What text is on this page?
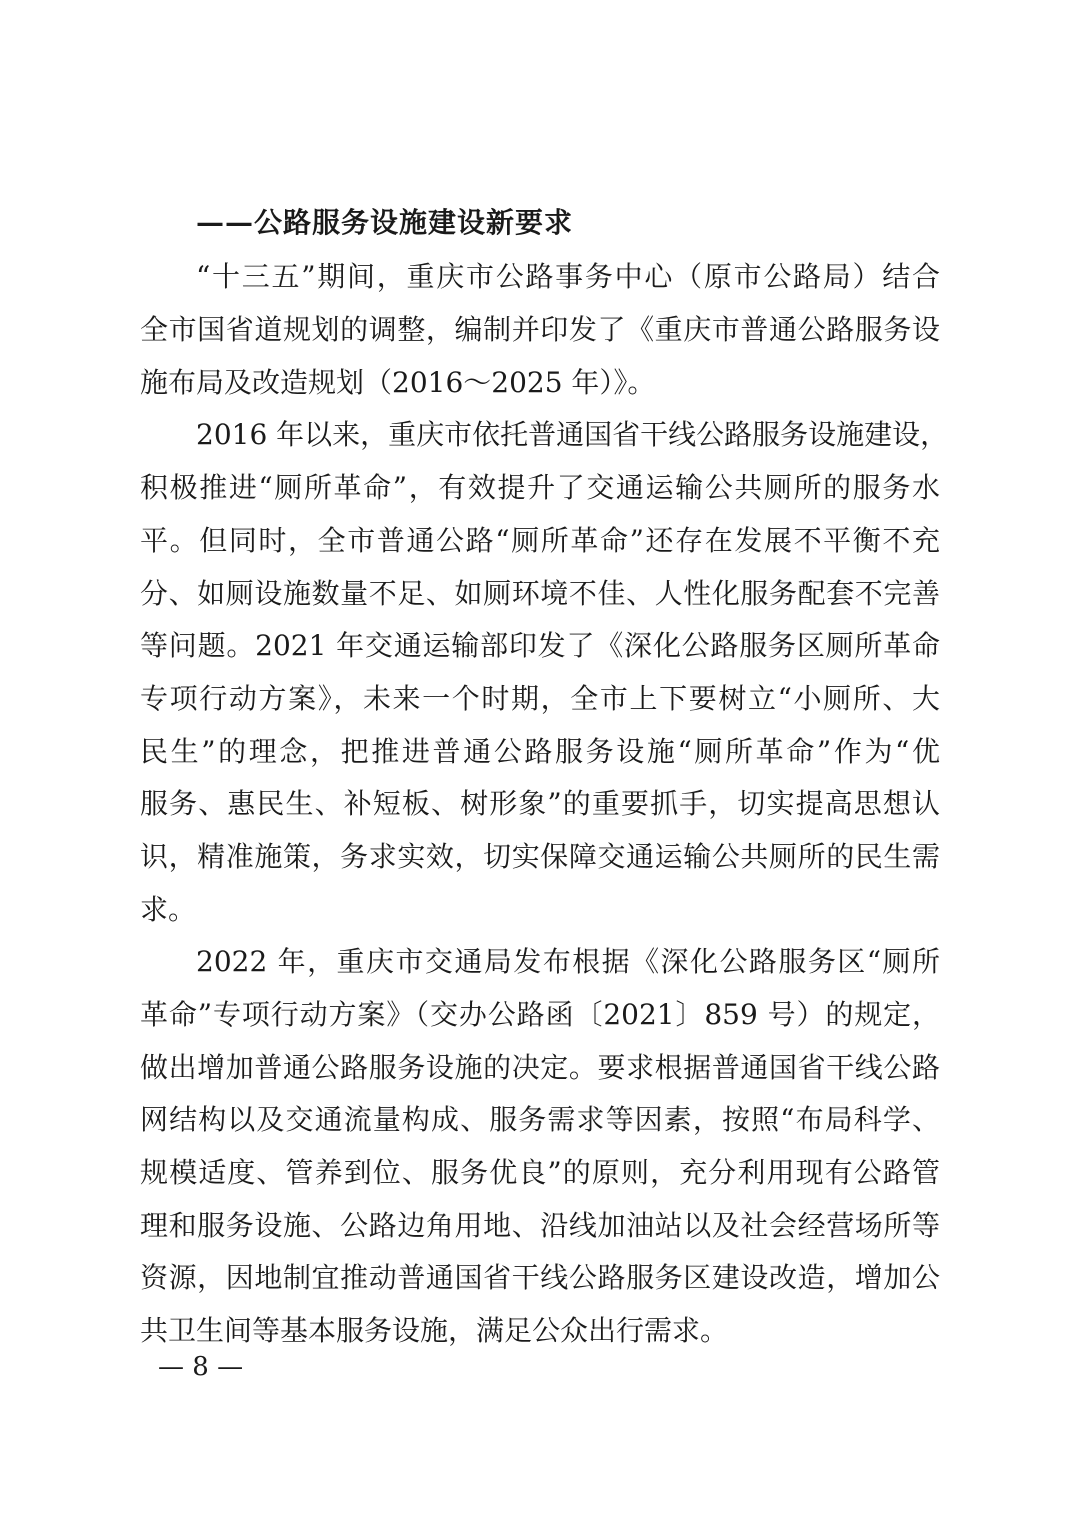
——公路服务设施建设新要求
“十三五”期间，重庆市公路事务中心（原市公路局）结合
全市国省道规划的调整，编制并印发了《重庆市普通公路服务设
施布局及改造规划（2016～2025 年）》。
2016 年以来，重庆市依托普通国省干线公路服务设施建设，
积极推进“厕所革命”，有效提升了交通运输公共厕所的服务水
平。但同时，全市普通公路“厕所革命”还存在发展不平衡不充
分、如厕设施数量不足、如厕环境不佳、人性化服务配套不完善
等问题。2021 年交通运输部印发了《深化公路服务区厕所革命
专项行动方案》，未来一个时期，全市上下要树立“小厕所、大
民生”的理念，把推进普通公路服务设施“厕所革命”作为“优
服务、惠民生、补短板、树形象”的重要抓手，切实提高思想认
识，精准施策，务求实效，切实保障交通运输公共厕所的民生需
求。
2022 年，重庆市交通局发布根据《深化公路服务区“厕所
革命”专项行动方案》（交办公路函〔2021〕859 号）的规定，
做出增加普通公路服务设施的决定。要求根据普通国省干线公路
网结构以及交通流量构成、服务需求等因素，按照“布局科学、
规模适度、管养到位、服务优良”的原则，充分利用现有公路管
理和服务设施、公路边角用地、沿线加油站以及社会经营场所等
资源，因地制宜推动普通国省干线公路服务区建设改造，增加公
共卫生间等基本服务设施，满足公众出行需求。
— 8 —
